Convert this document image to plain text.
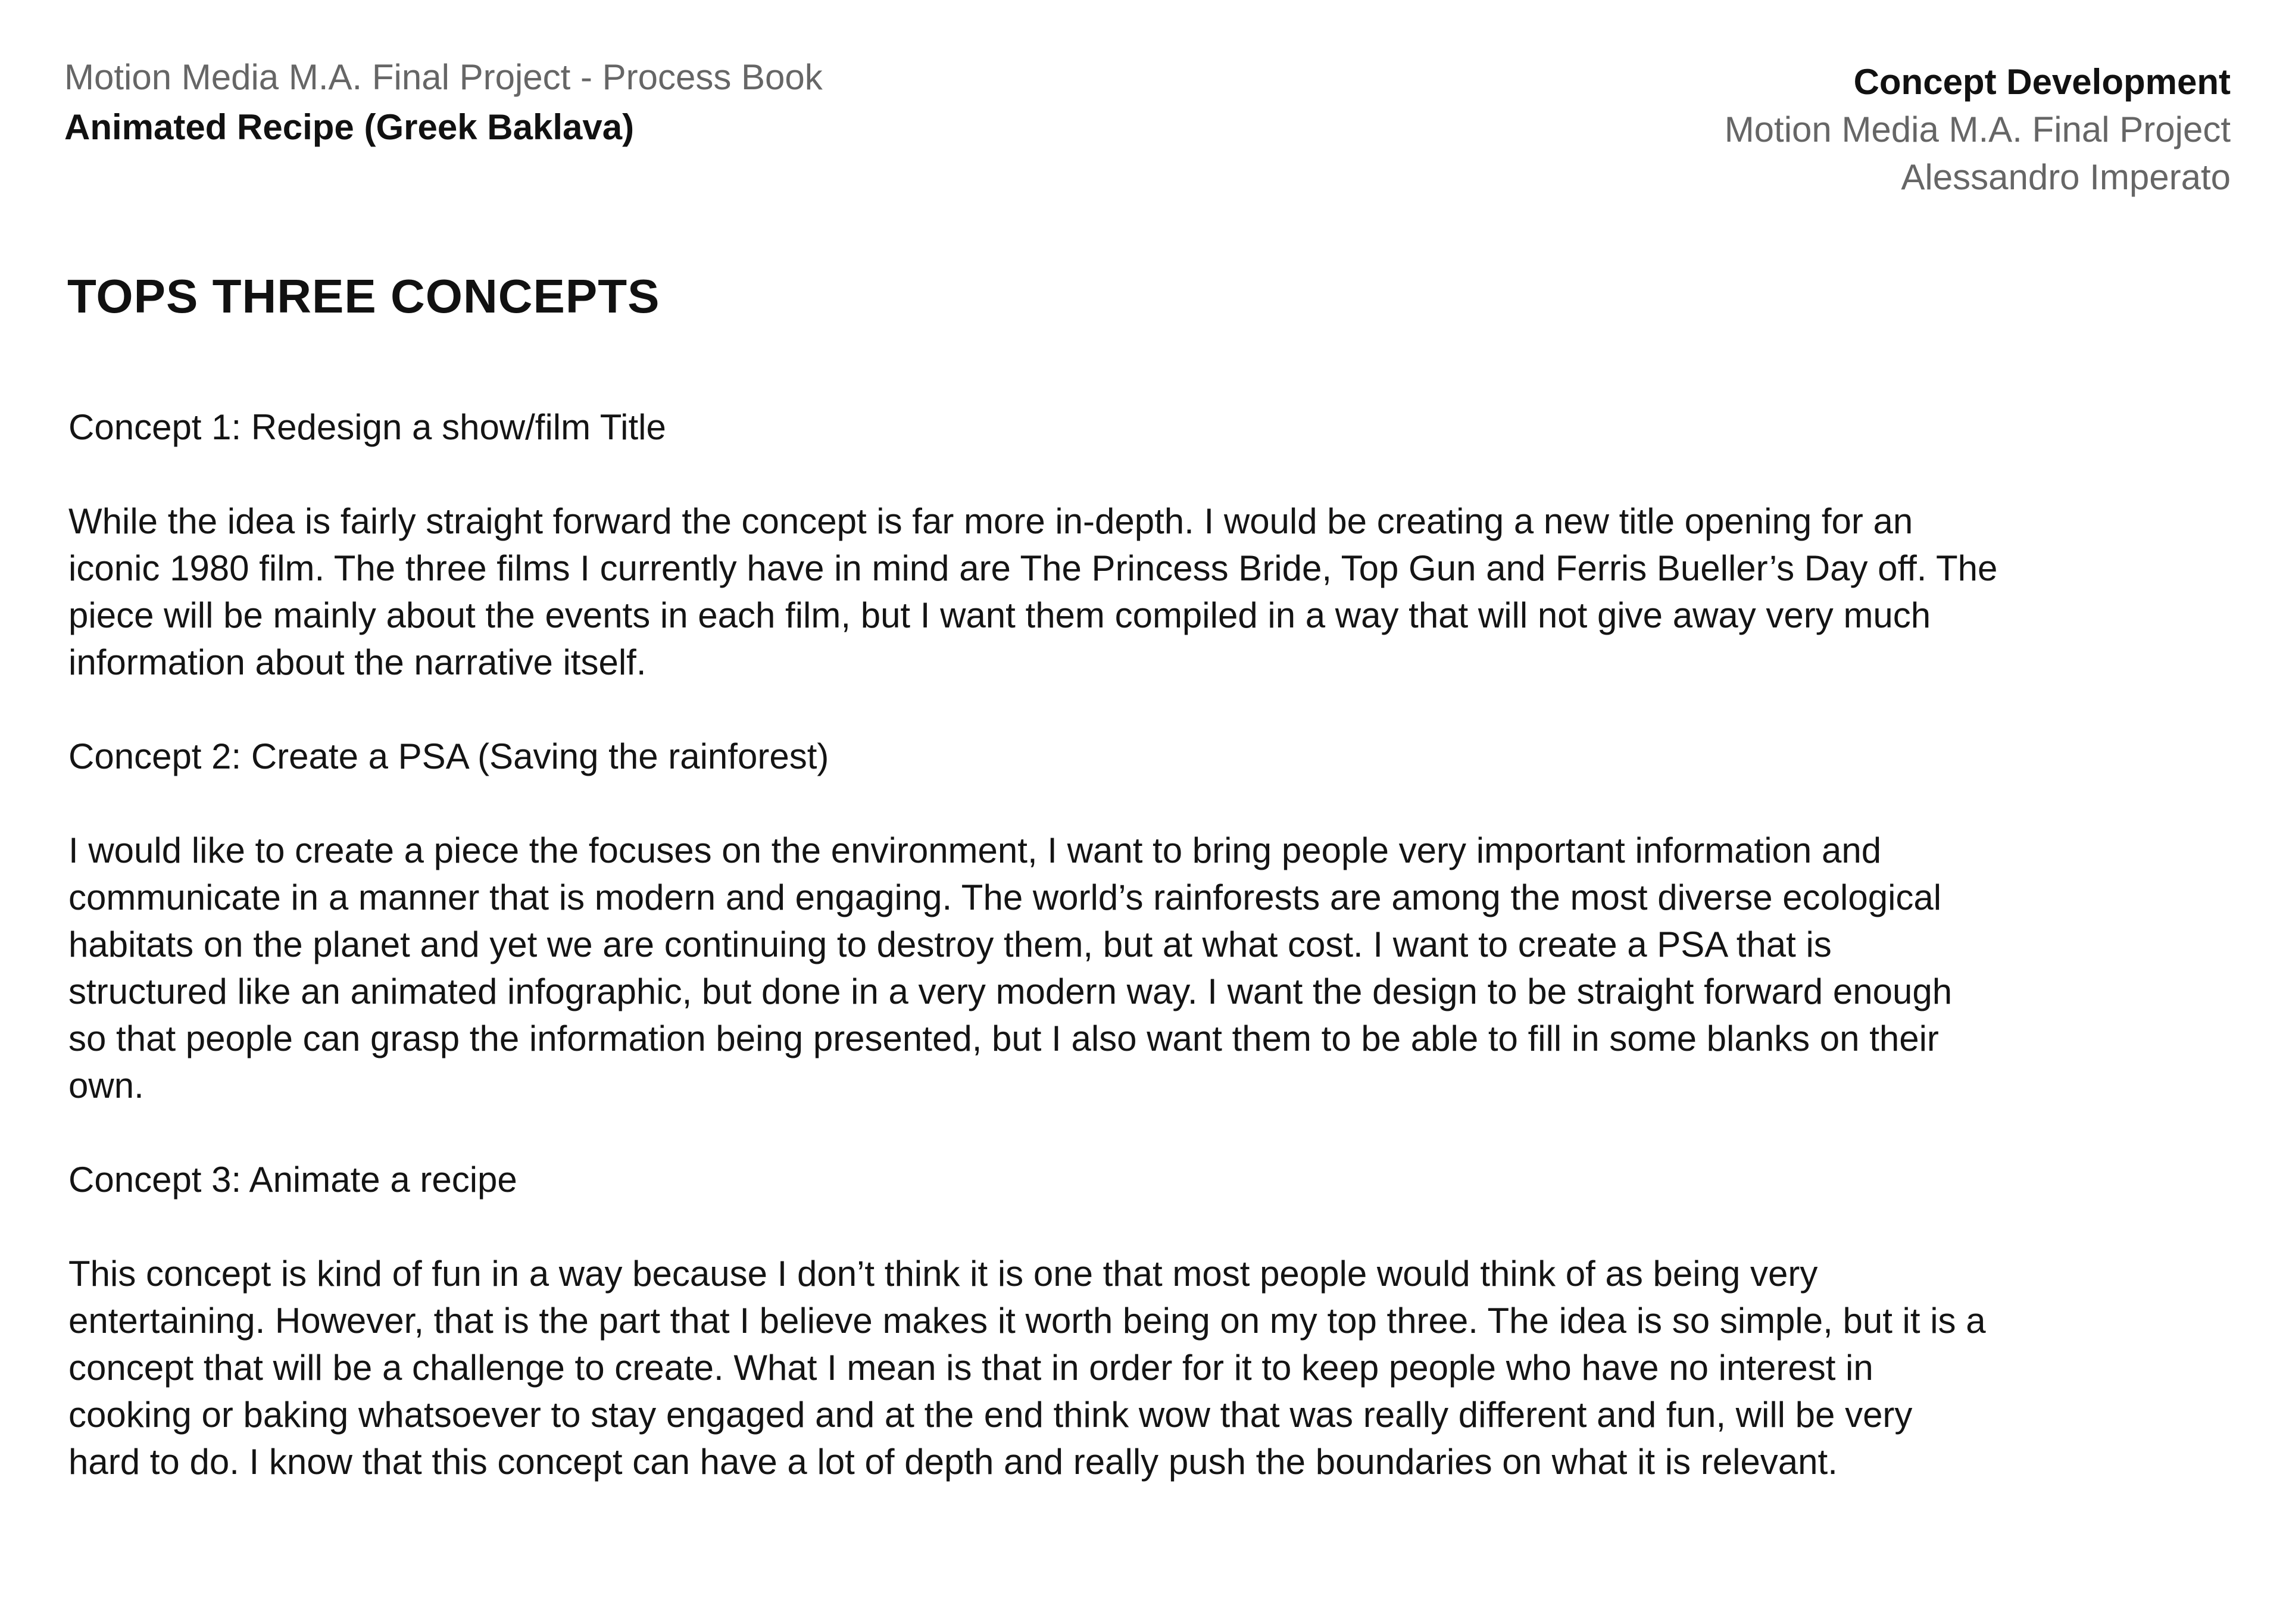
Motion Media M.A. Final Project - Process Book
Animated Recipe (Greek Baklava)
Concept Development
Motion Media M.A. Final Project
Alessandro Imperato
TOPS THREE CONCEPTS
Concept 1: Redesign a show/film Title
While the idea is fairly straight forward the concept is far more in-depth. I would be creating a new title opening for an
iconic 1980 film. The three films I currently have in mind are The Princess Bride, Top Gun and Ferris Bueller’s Day off. The
piece will be mainly about the events in each film, but I want them compiled in a way that will not give away very much
information about the narrative itself.
Concept 2: Create a PSA (Saving the rainforest)
I would like to create a piece the focuses on the environment, I want to bring people very important information and
communicate in a manner that is modern and engaging. The world’s rainforests are among the most diverse ecological
habitats on the planet and yet we are continuing to destroy them, but at what cost. I want to create a PSA that is
structured like an animated infographic, but done in a very modern way. I want the design to be straight forward enough
so that people can grasp the information being presented, but I also want them to be able to fill in some blanks on their
own.
Concept 3: Animate a recipe
This concept is kind of fun in a way because I don’t think it is one that most people would think of as being very
entertaining. However, that is the part that I believe makes it worth being on my top three. The idea is so simple, but it is a
concept that will be a challenge to create. What I mean is that in order for it to keep people who have no interest in
cooking or baking whatsoever to stay engaged and at the end think wow that was really different and fun, will be very
hard to do. I know that this concept can have a lot of depth and really push the boundaries on what it is relevant.
